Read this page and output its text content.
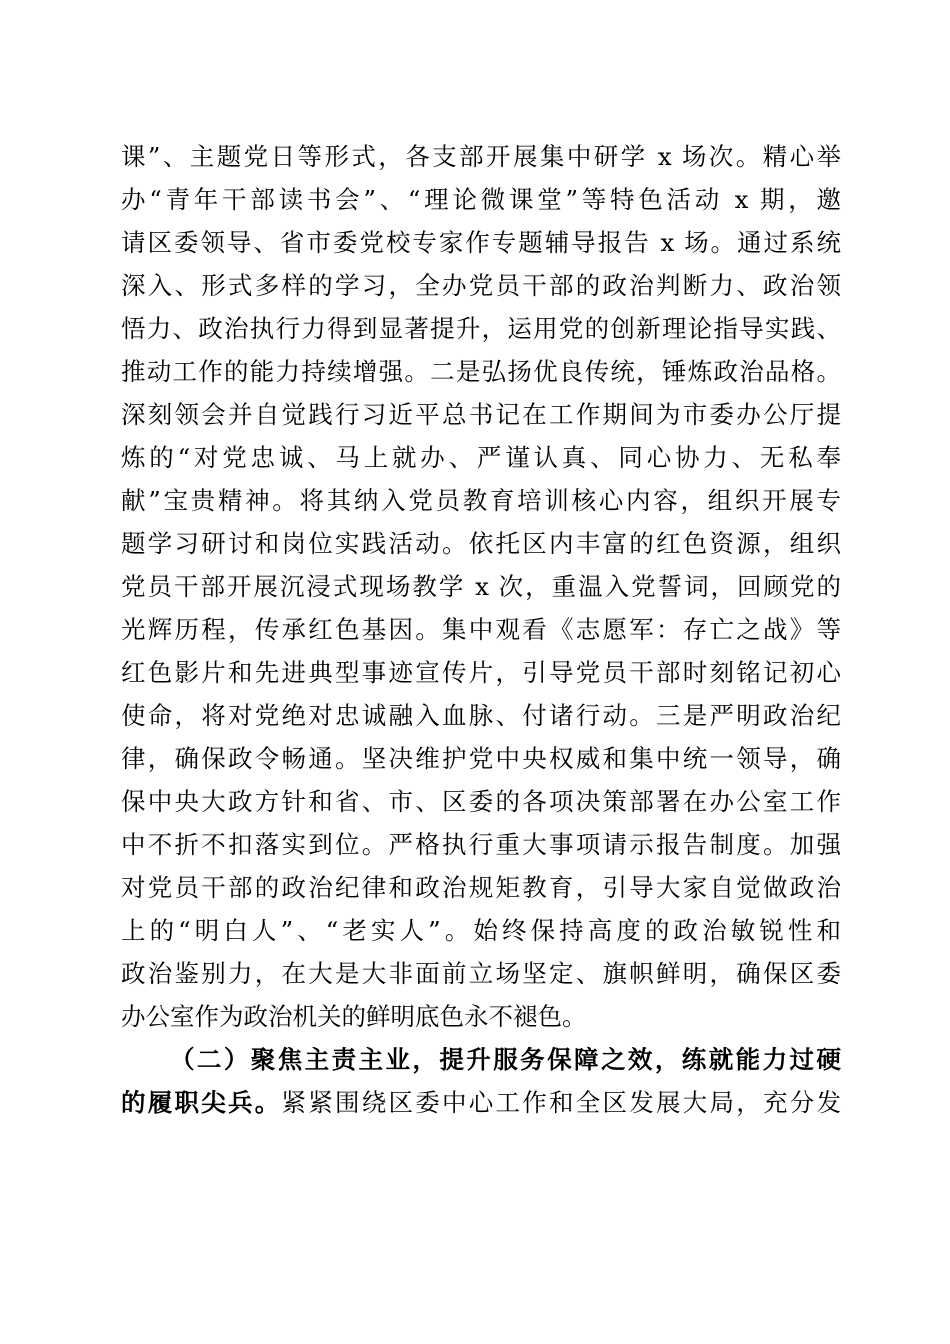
课”、主题党日等形式，各支部开展集中研学 x 场次。精心举
办“青年干部读书会”、“理论微课堂”等特色活动 x 期，邀
请区委领导、省市委党校专家作专题辅导报告 x 场。通过系统
深入、形式多样的学习，全办党员干部的政治判断力、政治领
悟力、政治执行力得到显著提升，运用党的创新理论指导实践、
推动工作的能力持续增强。二是弘扬优良传统，锤炼政治品格。
深刻领会并自觉践行习近平总书记在工作期间为市委办公厅提
炼的“对党忠诚、马上就办、严谨认真、同心协力、无私奉
献”宝贵精神。将其纳入党员教育培训核心内容，组织开展专
题学习研讨和岗位实践活动。依托区内丰富的红色资源，组织
党员干部开展沉浸式现场教学 x 次，重温入党誓词，回顾党的
光辉历程，传承红色基因。集中观看《志愿军：存亡之战》等
红色影片和先进典型事迹宣传片，引导党员干部时刻铭记初心
使命，将对党绝对忠诚融入血脉、付诸行动。三是严明政治纪
律，确保政令畅通。坚决维护党中央权威和集中统一领导，确
保中央大政方针和省、市、区委的各项决策部署在办公室工作
中不折不扣落实到位。严格执行重大事项请示报告制度。加强
对党员干部的政治纪律和政治规矩教育，引导大家自觉做政治
上的“明白人”、“老实人”。始终保持高度的政治敏锐性和
政治鉴别力，在大是大非面前立场坚定、旗帜鲜明，确保区委
办公室作为政治机关的鲜明底色永不褪色。
（二）聚焦主责主业，提升服务保障之效，练就能力过硬
的履职尖兵。紧紧围绕区委中心工作和全区发展大局，充分发
